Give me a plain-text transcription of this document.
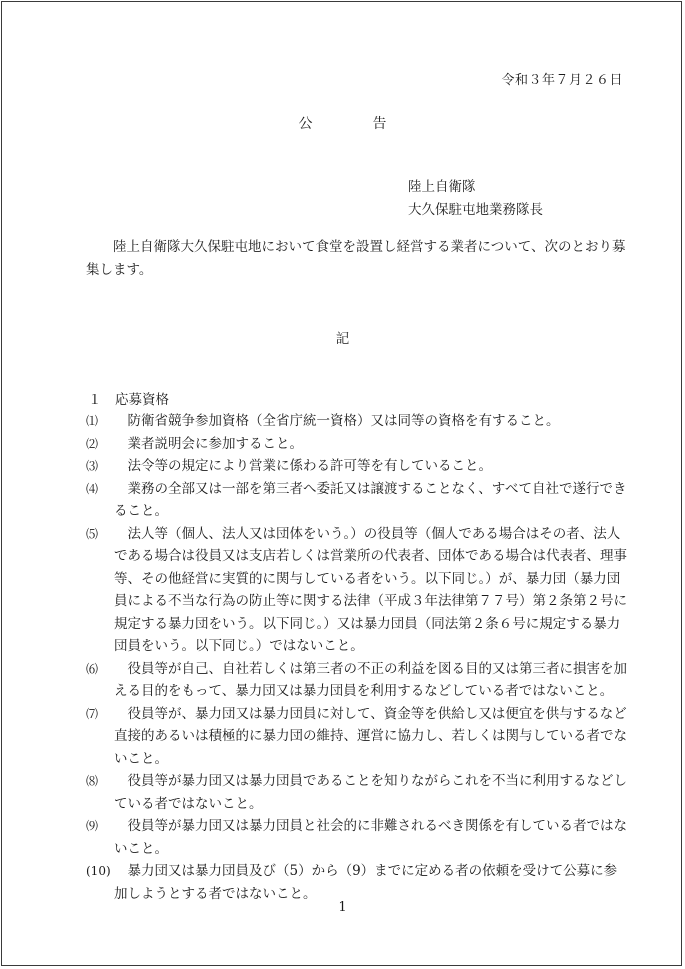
令和３年７月２６日
公	告
陸上自衛隊
大久保駐屯地業務隊長
陸上自衛隊大久保駐屯地において食堂を設置し経営する業者について、次のとおり募集します。
記
１　応募資格
⑴	防衛省競争参加資格（全省庁統一資格）又は同等の資格を有すること。
⑵	業者説明会に参加すること。
⑶	法令等の規定により営業に係わる許可等を有していること。
⑷	業務の全部又は一部を第三者へ委託又は譲渡することなく、すべて自社で遂行できること。
⑸	法人等（個人、法人又は団体をいう。）の役員等（個人である場合はその者、法人である場合は役員又は支店若しくは営業所の代表者、団体である場合は代表者、理事等、その他経営に実質的に関与している者をいう。以下同じ。）が、暴力団（暴力団員による不当な行為の防止等に関する法律（平成３年法律第７７号）第２条第２号に規定する暴力団をいう。以下同じ。）又は暴力団員（同法第２条６号に規定する暴力団員をいう。以下同じ。）ではないこと。
⑹	役員等が自己、自社若しくは第三者の不正の利益を図る目的又は第三者に損害を加える目的をもって、暴力団又は暴力団員を利用するなどしている者ではないこと。
⑺	役員等が、暴力団又は暴力団員に対して、資金等を供給し又は便宜を供与するなど直接的あるいは積極的に暴力団の維持、運営に協力し、若しくは関与している者でないこと。
⑻	役員等が暴力団又は暴力団員であることを知りながらこれを不当に利用するなどしている者ではないこと。
⑼	役員等が暴力団又は暴力団員と社会的に非難されるべき関係を有している者ではないこと。
(10)	暴力団又は暴力団員及び（5）から（9）までに定める者の依頼を受けて公募に参加しようとする者ではないこと。
1
